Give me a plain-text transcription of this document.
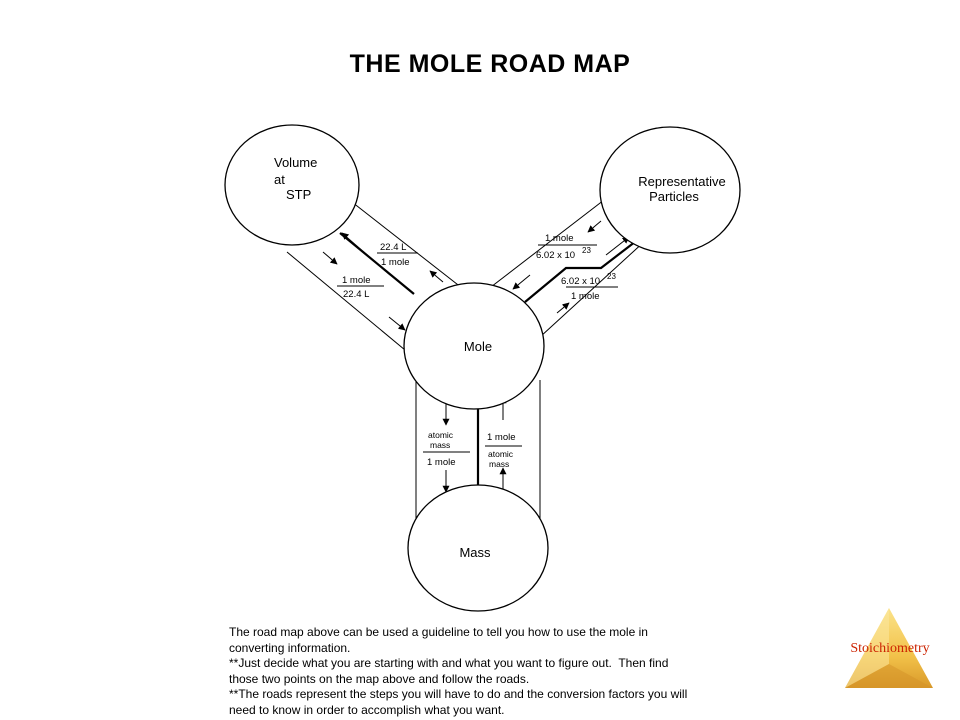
THE MOLE ROAD MAP
Volume
at
STP
Representative
Particles
Mole
Mass
22.4 L
1 mole
1 mole
22.4 L
1 mole
6.02 x 10 23
6.02 x 10 23
1 mole
atomic
mass
1 mole
1 mole
atomic
mass
The road map above can be used a guideline to tell you how to use the mole in
converting information.
**Just decide what you are starting with and what you want to figure out.  Then find
those two points on the map above and follow the roads.
**The roads represent the steps you will have to do and the conversion factors you will
need to know in order to accomplish what you want.
Stoichiometry
